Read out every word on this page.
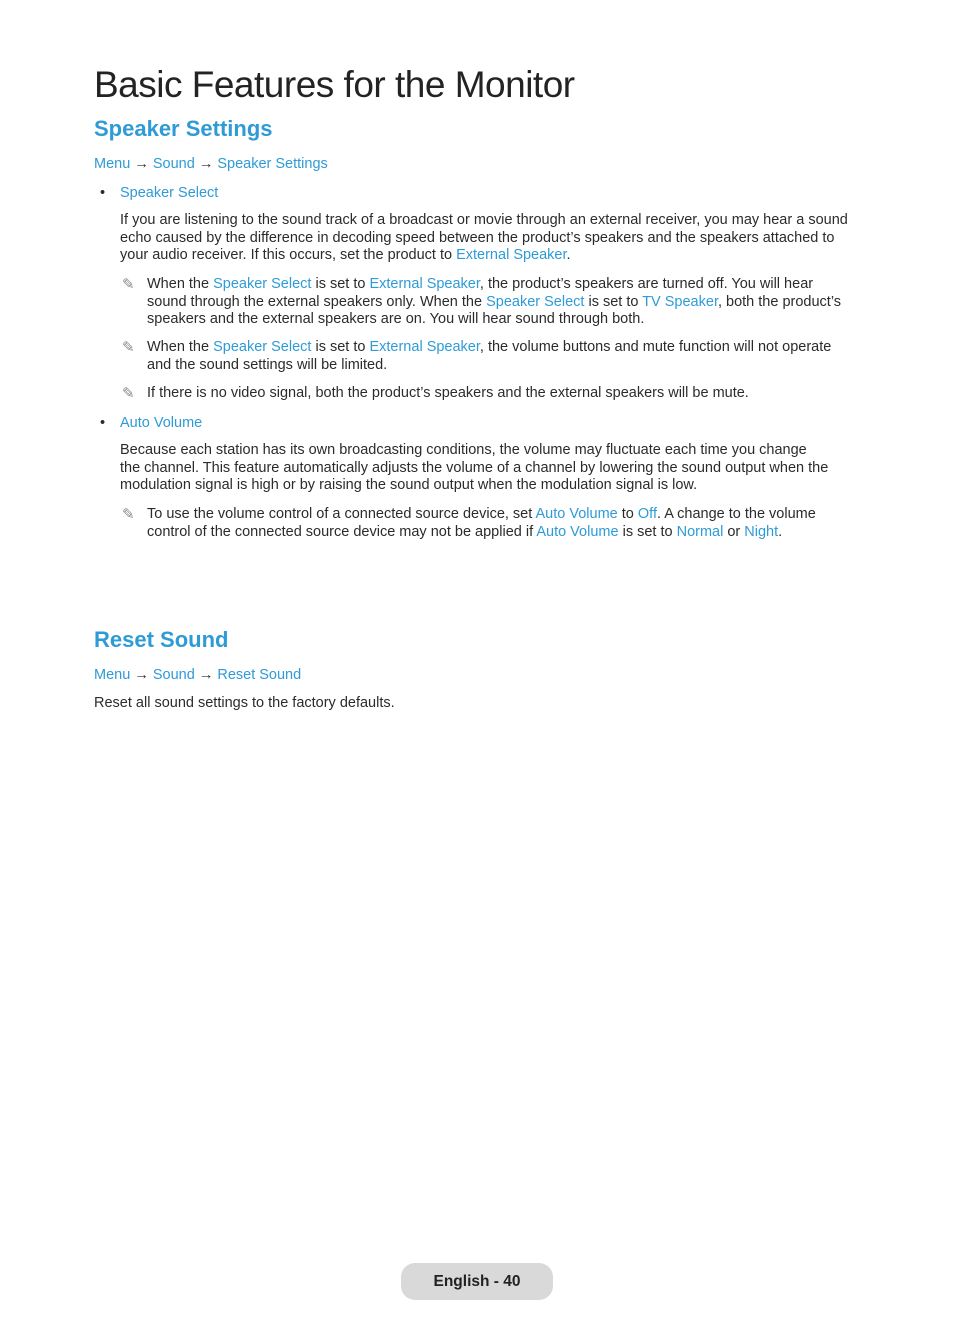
Basic Features for the Monitor
Speaker Settings
Menu → Sound → Speaker Settings
• Speaker Select
If you are listening to the sound track of a broadcast or movie through an external receiver, you may hear a sound
echo caused by the difference in decoding speed between the product’s speakers and the speakers attached to
your audio receiver. If this occurs, set the product to External Speaker.
✎ When the Speaker Select is set to External Speaker, the product’s speakers are turned off. You will hear
sound through the external speakers only. When the Speaker Select is set to TV Speaker, both the product’s
speakers and the external speakers are on. You will hear sound through both.
✎ When the Speaker Select is set to External Speaker, the volume buttons and mute function will not operate
and the sound settings will be limited.
✎ If there is no video signal, both the product’s speakers and the external speakers will be mute.
• Auto Volume
Because each station has its own broadcasting conditions, the volume may fluctuate each time you change
the channel. This feature automatically adjusts the volume of a channel by lowering the sound output when the
modulation signal is high or by raising the sound output when the modulation signal is low.
✎ To use the volume control of a connected source device, set Auto Volume to Off. A change to the volume
control of the connected source device may not be applied if Auto Volume is set to Normal or Night.
Reset Sound
Menu → Sound → Reset Sound
Reset all sound settings to the factory defaults.
English - 40
